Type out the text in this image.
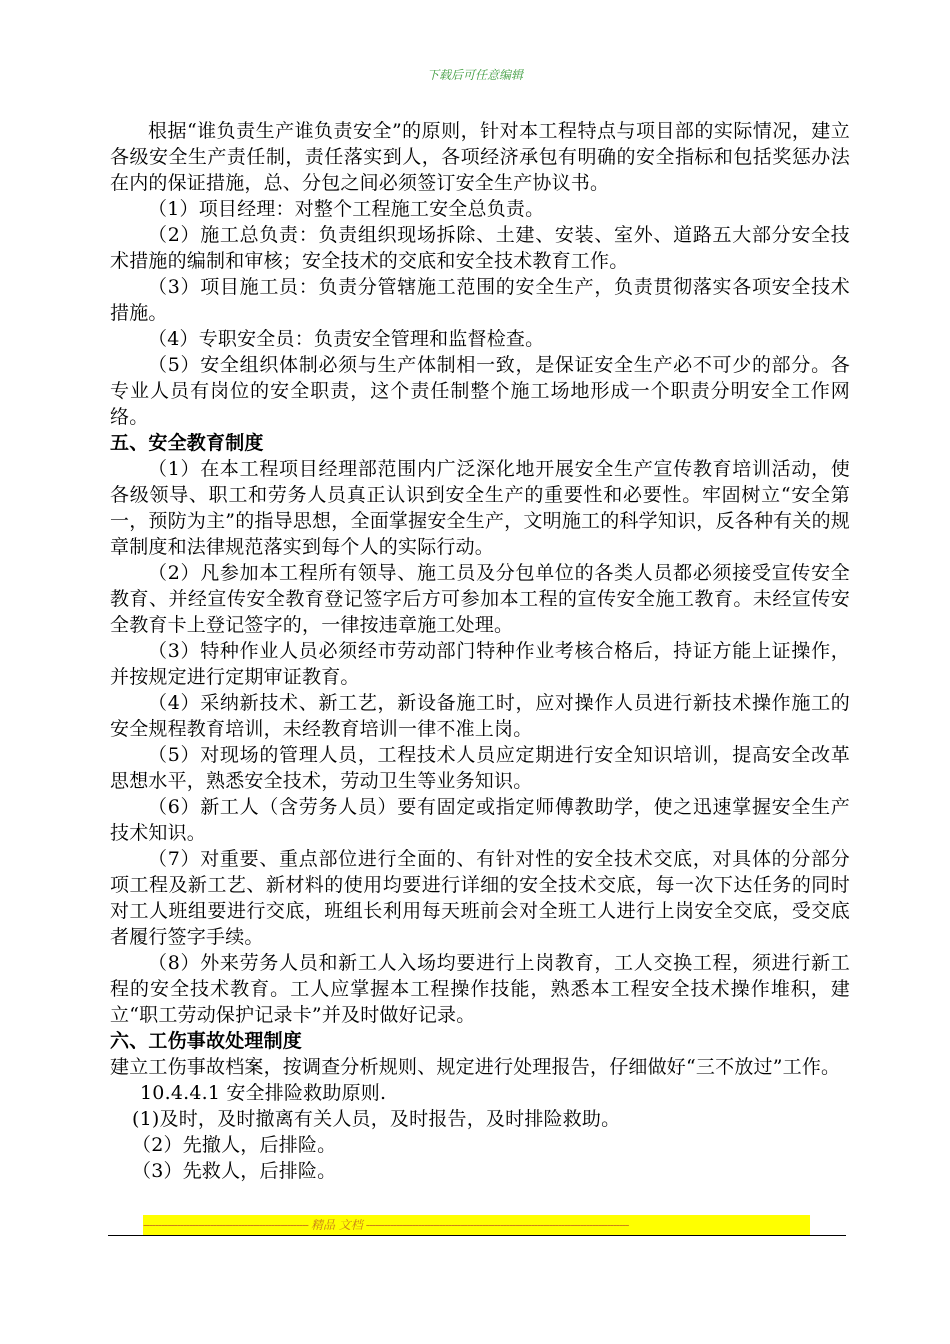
下载后可任意编辑

根据“谁负责生产谁负责安全”的原则，针对本工程特点与项目部的实际情况，建立各级安全生产责任制，责任落实到人，各项经济承包有明确的安全指标和包括奖惩办法在内的保证措施，总、分包之间必须签订安全生产协议书。

（1）项目经理：对整个工程施工安全总负责。

（2）施工总负责：负责组织现场拆除、土建、安装、室外、道路五大部分安全技术措施的编制和审核；安全技术的交底和安全技术教育工作。

（3）项目施工员：负责分管辖施工范围的安全生产，负责贯彻落实各项安全技术措施。

（4）专职安全员：负责安全管理和监督检查。

（5）安全组织体制必须与生产体制相一致，是保证安全生产必不可少的部分。各专业人员有岗位的安全职责，这个责任制整个施工场地形成一个职责分明安全工作网络。

五、安全教育制度

（1）在本工程项目经理部范围内广泛深化地开展安全生产宣传教育培训活动，使各级领导、职工和劳务人员真正认识到安全生产的重要性和必要性。牢固树立“安全第一，预防为主”的指导思想，全面掌握安全生产，文明施工的科学知识，反各种有关的规章制度和法律规范落实到每个人的实际行动。

（2）凡参加本工程所有领导、施工员及分包单位的各类人员都必须接受宣传安全教育、并经宣传安全教育登记签字后方可参加本工程的宣传安全施工教育。未经宣传安全教育卡上登记签字的，一律按违章施工处理。

（3）特种作业人员必须经市劳动部门特种作业考核合格后，持证方能上证操作，并按规定进行定期审证教育。

（4）采纳新技术、新工艺，新设备施工时，应对操作人员进行新技术操作施工的安全规程教育培训，未经教育培训一律不准上岗。

（5）对现场的管理人员，工程技术人员应定期进行安全知识培训，提高安全改革思想水平，熟悉安全技术，劳动卫生等业务知识。

（6）新工人（含劳务人员）要有固定或指定师傅教助学，使之迅速掌握安全生产技术知识。

（7）对重要、重点部位进行全面的、有针对性的安全技术交底，对具体的分部分项工程及新工艺、新材料的使用均要进行详细的安全技术交底，每一次下达任务的同时对工人班组要进行交底，班组长利用每天班前会对全班工人进行上岗安全交底，受交底者履行签字手续。

（8）外来劳务人员和新工人入场均要进行上岗教育，工人交换工程，须进行新工程的安全技术教育。工人应掌握本工程操作技能，熟悉本工程安全技术操作堆积，建立“职工劳动保护记录卡”并及时做好记录。

六、工伤事故处理制度

建立工伤事故档案，按调查分析规则、规定进行处理报告，仔细做好“三不放过”工作。

10.4.4.1 安全排险救助原则.

(1)及时，及时撤离有关人员，及时报告，及时排险救助。

（2）先撤人，后排险。

（3）先救人，后排险。

------------------------------------------------------ 精品 文档 --------------------------------------------------------------------------------------
